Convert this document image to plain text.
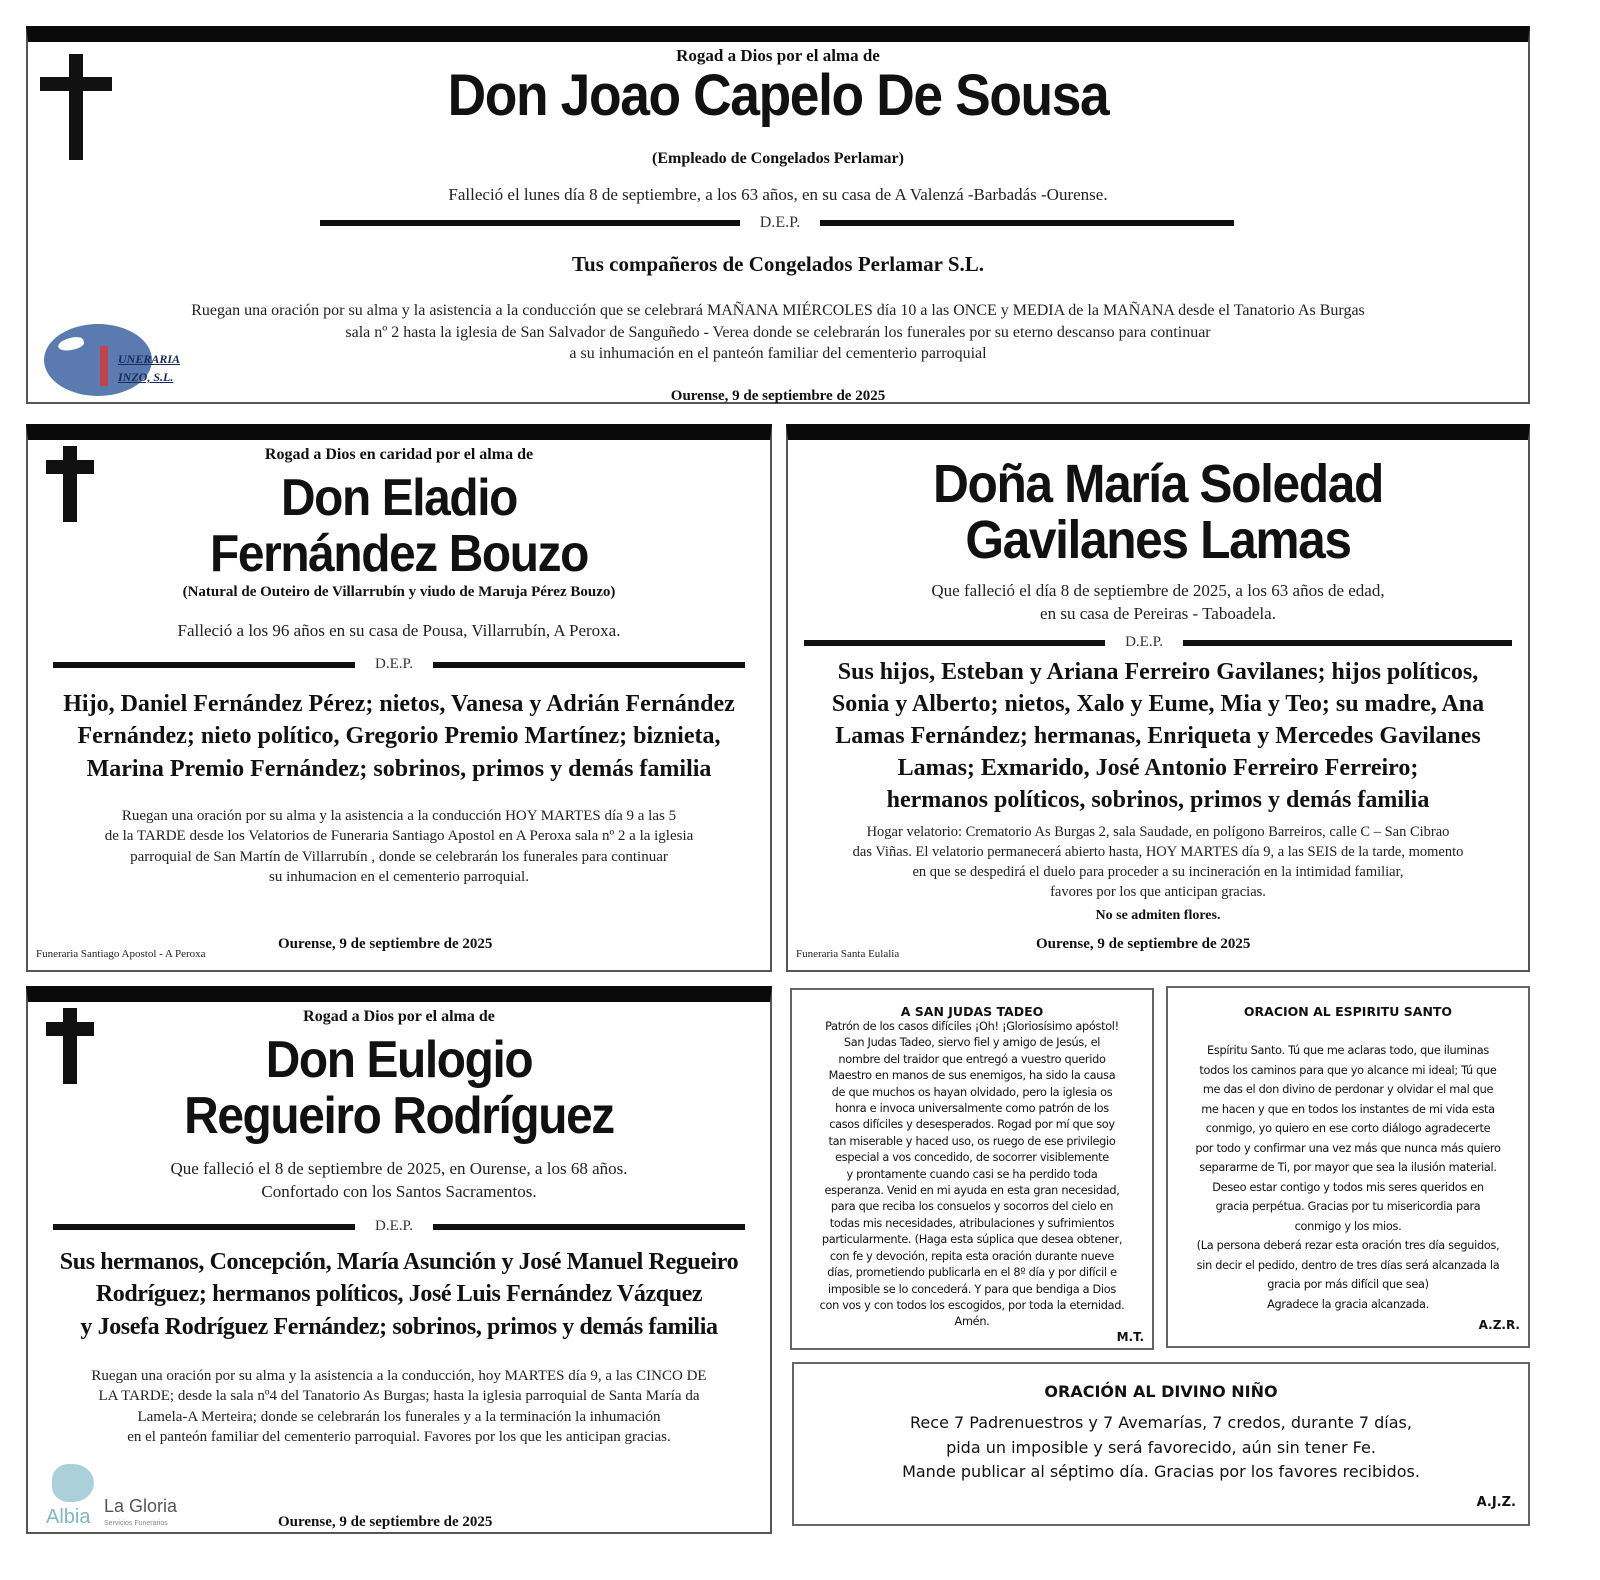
Rogad a Dios por el alma de
Don Joao Capelo De Sousa
(Empleado de Congelados Perlamar)
Falleció el lunes día 8 de septiembre, a los 63 años, en su casa de A Valenzá -Barbadás -Ourense.
D.E.P.
Tus compañeros de Congelados Perlamar S.L.
Ruegan una oración por su alma y la asistencia a la conducción que se celebrará MAÑANA MIÉRCOLES día 10 a las ONCE y MEDIA de la MAÑANA desde el Tanatorio As Burgas
sala nº 2 hasta la iglesia de San Salvador de Sanguñedo - Verea donde se celebrarán los funerales por su eterno descanso para continuar
a su inhumación en el panteón familiar del cementerio parroquial
UNERARIA
INZO, S.L.
Ourense, 9 de septiembre de 2025
Rogad a Dios en caridad por el alma de
Don Eladio
Fernández Bouzo
(Natural de Outeiro de Villarrubín y viudo de Maruja Pérez Bouzo)
Falleció a los 96 años en su casa de Pousa, Villarrubín, A Peroxa.
D.E.P.
Hijo, Daniel Fernández Pérez; nietos, Vanesa y Adrián Fernández
Fernández; nieto político, Gregorio Premio Martínez; biznieta,
Marina Premio Fernández; sobrinos, primos y demás familia
Ruegan una oración por su alma y la asistencia a la conducción HOY MARTES día 9 a las 5
de la TARDE desde los Velatorios de Funeraria Santiago Apostol en A Peroxa sala nº 2 a la iglesia
parroquial de San Martín de Villarrubín , donde se celebrarán los funerales para continuar
su inhumacion en el cementerio parroquial.
Funeraria Santiago Apostol - A Peroxa
Ourense, 9 de septiembre de 2025
Doña María Soledad
Gavilanes Lamas
Que falleció el día 8 de septiembre de 2025, a los 63 años de edad,
en su casa de Pereiras - Taboadela.
D.E.P.
Sus hijos, Esteban y Ariana Ferreiro Gavilanes; hijos políticos,
Sonia y Alberto; nietos, Xalo y Eume, Mia y Teo; su madre, Ana
Lamas Fernández; hermanas, Enriqueta y Mercedes Gavilanes
Lamas; Exmarido, José Antonio Ferreiro Ferreiro;
hermanos políticos, sobrinos, primos y demás familia
Hogar velatorio: Crematorio As Burgas 2, sala Saudade, en polígono Barreiros, calle C – San Cibrao
das Viñas. El velatorio permanecerá abierto hasta, HOY MARTES día 9, a las SEIS de la tarde, momento
en que se despedirá el duelo para proceder a su incineración en la intimidad familiar,
favores por los que anticipan gracias.
No se admiten flores.
Funeraria Santa Eulalia
Ourense, 9 de septiembre de 2025
Rogad a Dios por el alma de
Don Eulogio
Regueiro Rodríguez
Que falleció el 8 de septiembre de 2025, en Ourense, a los 68 años.
Confortado con los Santos Sacramentos.
D.E.P.
Sus hermanos, Concepción, María Asunción y José Manuel Regueiro
Rodríguez; hermanos políticos, José Luis Fernández Vázquez
y Josefa Rodríguez Fernández; sobrinos, primos y demás familia
Ruegan una oración por su alma y la asistencia a la conducción, hoy MARTES día 9, a las CINCO DE
LA TARDE; desde la sala nº4 del Tanatorio As Burgas; hasta la iglesia parroquial de Santa María da
Lamela-A Merteira; donde se celebrarán los funerales y a la terminación la inhumación
en el panteón familiar del cementerio parroquial. Favores por los que les anticipan gracias.
Albia La Gloria
Servicios Funerarios	Ourense, 9 de septiembre de 2025
A SAN JUDAS TADEO
Patrón de los casos difíciles ¡Oh! ¡Gloriosísimo apóstol!
San Judas Tadeo, siervo fiel y amigo de Jesús, el
nombre del traidor que entregó a vuestro querido
Maestro en manos de sus enemigos, ha sido la causa
de que muchos os hayan olvidado, pero la iglesia os
honra e invoca universalmente como patrón de los
casos difíciles y desesperados. Rogad por mí que soy
tan miserable y haced uso, os ruego de ese privilegio
especial a vos concedido, de socorrer visiblemente
y prontamente cuando casi se ha perdido toda
esperanza. Venid en mi ayuda en esta gran necesidad,
para que reciba los consuelos y socorros del cielo en
todas mis necesidades, atribulaciones y sufrimientos
particularmente. (Haga esta súplica que desea obtener,
con fe y devoción, repita esta oración durante nueve
días, prometiendo publicarla en el 8º día y por difícil e
imposible se lo concederá. Y para que bendiga a Dios
con vos y con todos los escogidos, por toda la eternidad.
Amén.
M.T.
ORACION AL ESPIRITU SANTO
Espíritu Santo. Tú que me aclaras todo, que iluminas
todos los caminos para que yo alcance mi ideal; Tú que
me das el don divino de perdonar y olvidar el mal que
me hacen y que en todos los instantes de mi vida esta
conmigo, yo quiero en ese corto diálogo agradecerte
por todo y confirmar una vez más que nunca más quiero
separarme de Ti, por mayor que sea la ilusión material.
Deseo estar contigo y todos mis seres queridos en
gracia perpétua. Gracias por tu misericordia para
conmigo y los mios.
(La persona deberá rezar esta oración tres día seguidos,
sin decir el pedido, dentro de tres días será alcanzada la
gracia por más difícil que sea)
Agradece la gracia alcanzada.
A.Z.R.
ORACIÓN AL DIVINO NIÑO
Rece 7 Padrenuestros y 7 Avemarías, 7 credos, durante 7 días,
pida un imposible y será favorecido, aún sin tener Fe.
Mande publicar al séptimo día. Gracias por los favores recibidos.
A.J.Z.
